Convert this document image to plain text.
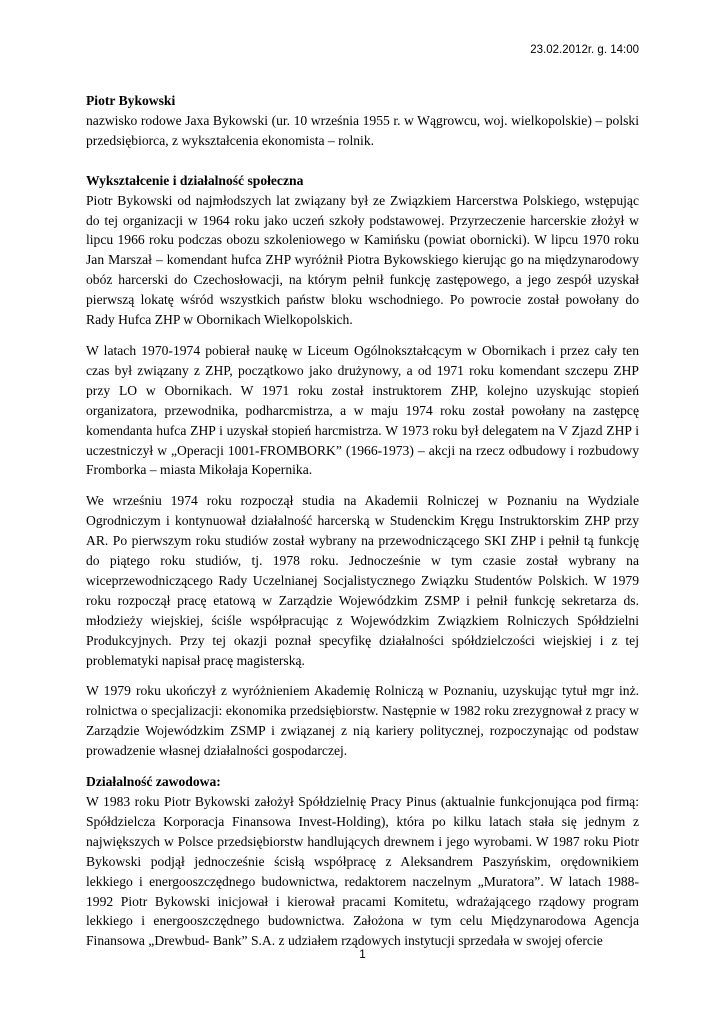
23.02.2012r. g. 14:00

Piotr Bykowski

nazwisko rodowe Jaxa Bykowski (ur. 10 września 1955 r. w Wągrowcu, woj. wielkopolskie) – polski przedsiębiorca, z wykształcenia ekonomista – rolnik.

Wykształcenie i działalność społeczna

Piotr Bykowski od najmłodszych lat związany był ze Związkiem Harcerstwa Polskiego, wstępując do tej organizacji w 1964 roku jako uczeń szkoły podstawowej. Przyrzeczenie harcerskie złożył w lipcu 1966 roku podczas obozu szkoleniowego w Kamińsku (powiat obornicki). W lipcu 1970 roku Jan Marszał – komendant hufca ZHP wyróżnił Piotra Bykowskiego kierując go na międzynarodowy obóz harcerski do Czechosłowacji, na którym pełnił funkcję zastępowego, a jego zespół uzyskał pierwszą lokatę wśród wszystkich państw bloku wschodniego. Po powrocie został powołany do Rady Hufca ZHP w Obornikach Wielkopolskich.

W latach 1970-1974 pobierał naukę w Liceum Ogólnokształcącym w Obornikach i przez cały ten czas był związany z ZHP, początkowo jako drużynowy, a od 1971 roku komendant szczepu ZHP przy LO w Obornikach. W 1971 roku został instruktorem ZHP, kolejno uzyskując stopień organizatora, przewodnika, podharcmistrza, a w maju 1974 roku został powołany na zastępcę komendanta hufca ZHP i uzyskał stopień harcmistrza. W 1973 roku był delegatem na V Zjazd ZHP i uczestniczył w „Operacji 1001-FROMBORK” (1966-1973) – akcji na rzecz odbudowy i rozbudowy Fromborka – miasta Mikołaja Kopernika.

We wrześniu 1974 roku rozpoczął studia na Akademii Rolniczej w Poznaniu na Wydziale Ogrodniczym i kontynuował działalność harcerską w Studenckim Kręgu Instruktorskim ZHP przy AR. Po pierwszym roku studiów został wybrany na przewodniczącego SKI ZHP i pełnił tą funkcję do piątego roku studiów, tj. 1978 roku. Jednocześnie w tym czasie został wybrany na wiceprzewodniczącego Rady Uczelnianej Socjalistycznego Związku Studentów Polskich. W 1979 roku rozpoczął pracę etatową w Zarządzie Wojewódzkim ZSMP i pełnił funkcję sekretarza ds. młodzieży wiejskiej, ściśle współpracując z Wojewódzkim Związkiem Rolniczych Spółdzielni Produkcyjnych. Przy tej okazji poznał specyfikę działalności spółdzielczości wiejskiej i z tej problematyki napisał pracę magisterską.

W 1979 roku ukończył z wyróżnieniem Akademię Rolniczą w Poznaniu, uzyskując tytuł mgr inż. rolnictwa o specjalizacji: ekonomika przedsiębiorstw. Następnie w 1982 roku zrezygnował z pracy w Zarządzie Wojewódzkim ZSMP i związanej z nią kariery politycznej, rozpoczynając od podstaw prowadzenie własnej działalności gospodarczej.

Działalność zawodowa:

W 1983 roku Piotr Bykowski założył Spółdzielnię Pracy Pinus (aktualnie funkcjonująca pod firmą: Spółdzielcza Korporacja Finansowa Invest-Holding), która po kilku latach stała się jednym z największych w Polsce przedsiębiorstw handlujących drewnem i jego wyrobami. W 1987 roku Piotr Bykowski podjął jednocześnie ścisłą współpracę z Aleksandrem Paszyńskim, orędownikiem lekkiego i energooszczędnego budownictwa, redaktorem naczelnym „Muratora”. W latach 1988-1992 Piotr Bykowski inicjował i kierował pracami Komitetu, wdrażającego rządowy program lekkiego i energooszczędnego budownictwa. Założona w tym celu Międzynarodowa Agencja Finansowa „Drewbud- Bank” S.A. z udziałem rządowych instytucji sprzedała w swojej ofercie

1
